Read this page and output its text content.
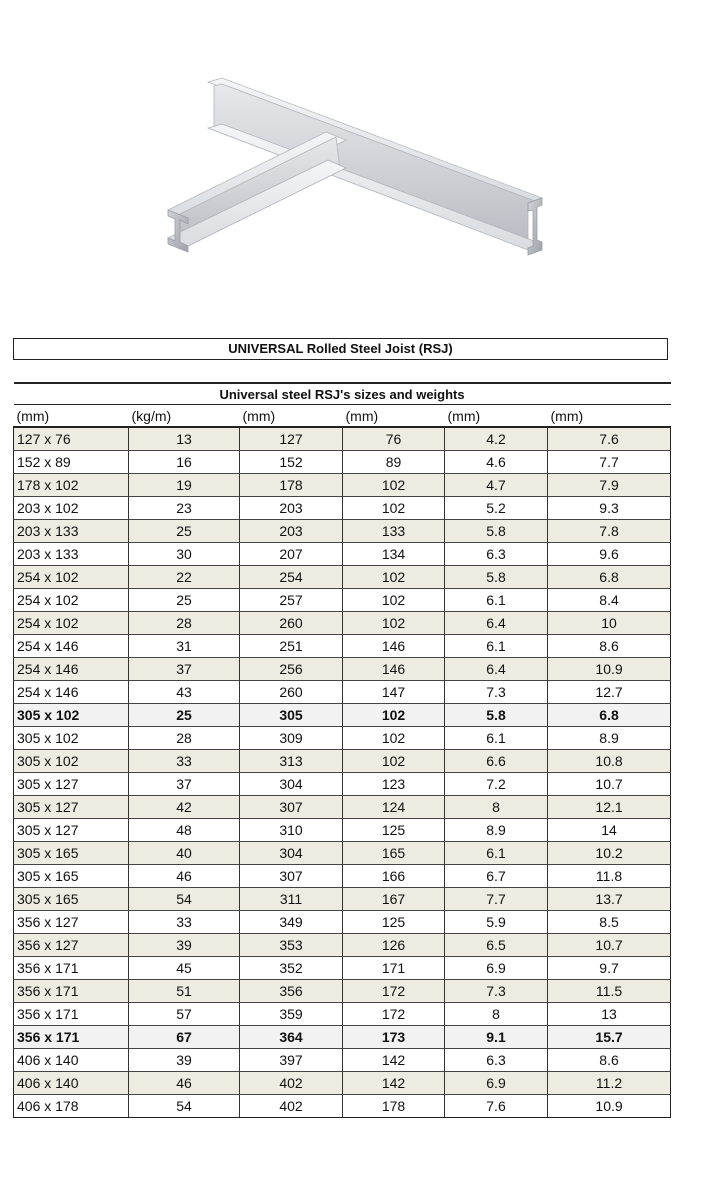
UNIVERSAL Rolled Steel Joist (RSJ)
Universal steel RSJ's sizes and weights					
(mm)	(kg/m)	(mm)	(mm)	(mm)	(mm)
127 x 76	13	127	76	4.2	7.6
152 x 89	16	152	89	4.6	7.7
178 x 102	19	178	102	4.7	7.9
203 x 102	23	203	102	5.2	9.3
203 x 133	25	203	133	5.8	7.8
203 x 133	30	207	134	6.3	9.6
254 x 102	22	254	102	5.8	6.8
254 x 102	25	257	102	6.1	8.4
254 x 102	28	260	102	6.4	10
254 x 146	31	251	146	6.1	8.6
254 x 146	37	256	146	6.4	10.9
254 x 146	43	260	147	7.3	12.7
305 x 102	25	305	102	5.8	6.8
305 x 102	28	309	102	6.1	8.9
305 x 102	33	313	102	6.6	10.8
305 x 127	37	304	123	7.2	10.7
305 x 127	42	307	124	8	12.1
305 x 127	48	310	125	8.9	14
305 x 165	40	304	165	6.1	10.2
305 x 165	46	307	166	6.7	11.8
305 x 165	54	311	167	7.7	13.7
356 x 127	33	349	125	5.9	8.5
356 x 127	39	353	126	6.5	10.7
356 x 171	45	352	171	6.9	9.7
356 x 171	51	356	172	7.3	11.5
356 x 171	57	359	172	8	13
356 x 171	67	364	173	9.1	15.7
406 x 140	39	397	142	6.3	8.6
406 x 140	46	402	142	6.9	11.2
406 x 178	54	402	178	7.6	10.9
